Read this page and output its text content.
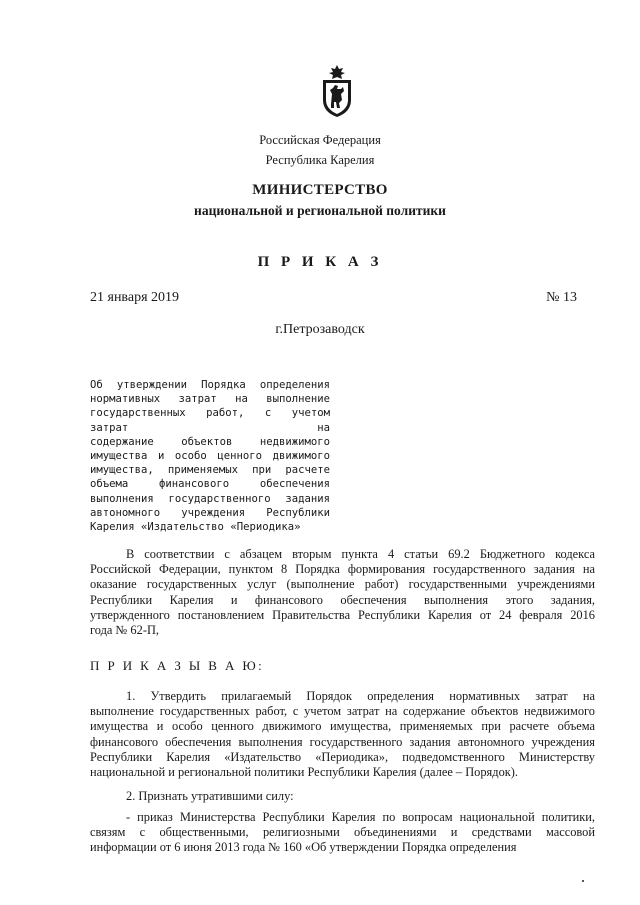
Российская Федерация
Республика Карелия
МИНИСТЕРСТВО
национальной и региональной политики
П Р И К А З
21 января 2019	№ 13
г.Петрозаводск
Об утверждении Порядка определения
нормативных затрат на выполнение
государственных работ, с учетом затрат на
содержание объектов недвижимого
имущества и особо ценного движимого
имущества, применяемых при расчете
объема финансового обеспечения
выполнения государственного задания
автономного учреждения Республики
Карелия «Издательство «Периодика»
В соответствии с абзацем вторым пункта 4 статьи 69.2 Бюджетного кодекса
Российской Федерации, пунктом 8 Порядка формирования государственного задания на
оказание государственных услуг (выполнение работ) государственными учреждениями
Республики Карелия и финансового обеспечения выполнения этого задания,
утвержденного постановлением Правительства Республики Карелия от 24 февраля 2016
года № 62-П,
П Р И К А З Ы В А Ю:
1. Утвердить прилагаемый Порядок определения нормативных затрат на
выполнение государственных работ, с учетом затрат на содержание объектов недвижимого
имущества и особо ценного движимого имущества, применяемых при расчете объема
финансового обеспечения выполнения государственного задания автономного учреждения
Республики Карелия «Издательство «Периодика», подведомственного Министерству
национальной и региональной политики Республики Карелия (далее – Порядок).
2. Признать утратившими силу:
- приказ Министерства Республики Карелия по вопросам национальной политики,
связям с общественными, религиозными объединениями и средствами массовой
информации от 6 июня 2013 года № 160 «Об утверждении Порядка определения
